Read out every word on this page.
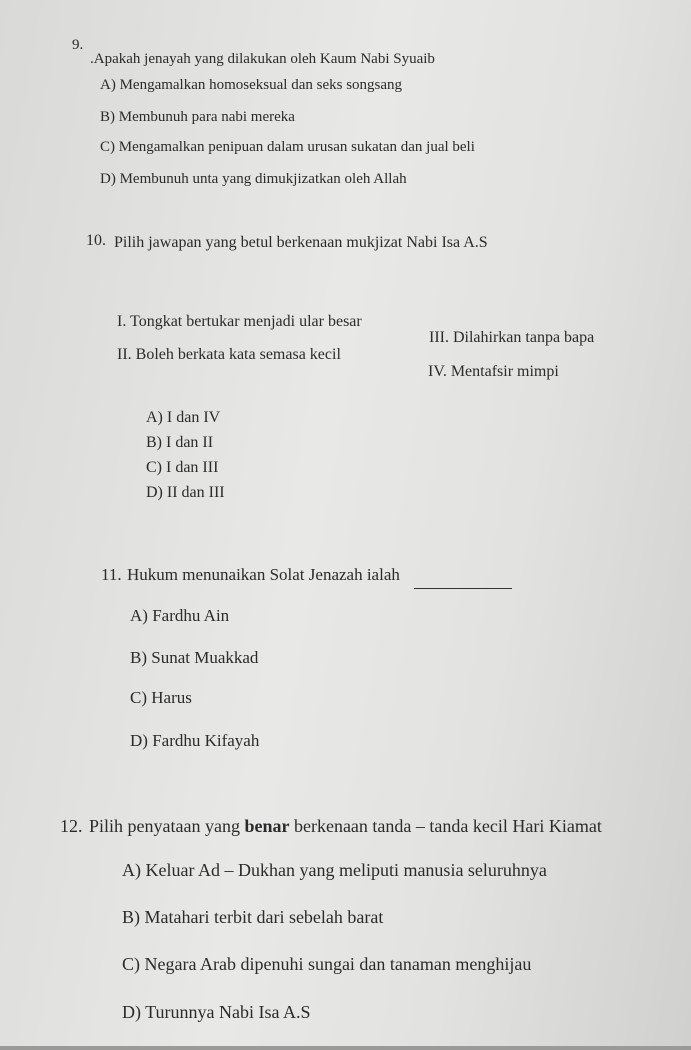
9.
.Apakah jenayah yang dilakukan oleh Kaum Nabi Syuaib
A) Mengamalkan homoseksual dan seks songsang
B) Membunuh para nabi mereka
C) Mengamalkan penipuan dalam urusan sukatan dan jual beli
D) Membunuh unta yang dimukjizatkan oleh Allah
10. Pilih jawapan yang betul berkenaan mukjizat Nabi Isa A.S
I. Tongkat bertukar menjadi ular besar
III. Dilahirkan tanpa bapa
II. Boleh berkata kata semasa kecil
IV. Mentafsir mimpi
A) I dan IV
B) I dan II
C) I dan III
D) II dan III
11. Hukum menunaikan Solat Jenazah ialah
A) Fardhu Ain
B) Sunat Muakkad
C) Harus
D) Fardhu Kifayah
12. Pilih penyataan yang benar berkenaan tanda – tanda kecil Hari Kiamat
A) Keluar Ad – Dukhan yang meliputi manusia seluruhnya
B) Matahari terbit dari sebelah barat
C) Negara Arab dipenuhi sungai dan tanaman menghijau
D) Turunnya Nabi Isa A.S
